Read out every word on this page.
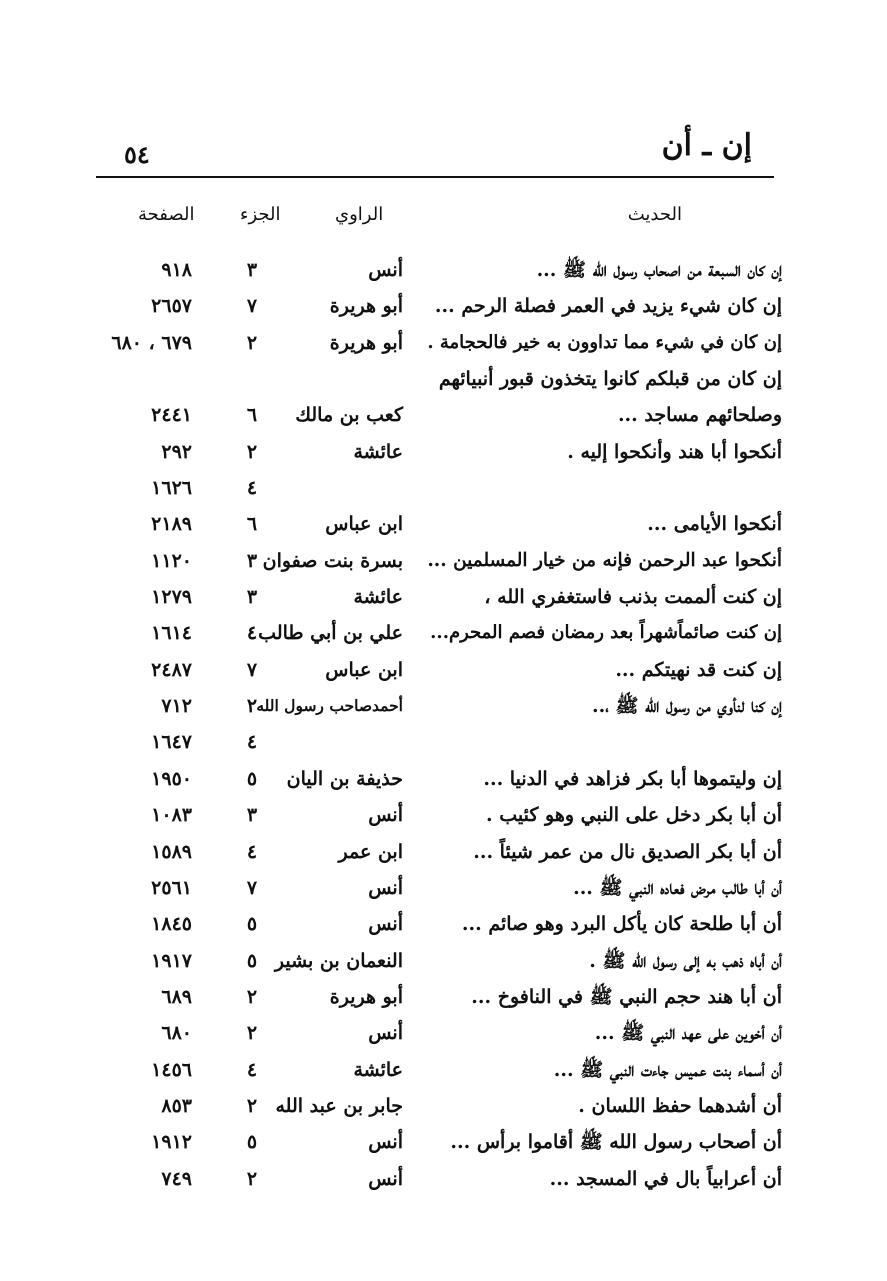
إن ـ أن
٥٤
الحديث
الراوي
الجزء
الصفحة
إن كان السبعة من اصحاب رسول الله ﷺ ...
أنس
٣
٩١٨
إن كان شيء يزيد في العمر فصلة الرحم ...
أبو هريرة
٧
٢٦٥٧
إن كان في شيء مما تداوون به خير فالحجامة .
أبو هريرة
٢
٦٧٩ ، ٦٨٠
إن كان من قبلكم كانوا يتخذون قبور أنبيائهم
وصلحائهم مساجد ...
كعب بن مالك
٦
٢٤٤١
أنكحوا أبا هند وأنكحوا إليه .
عائشة
٢
٢٩٢
٤
١٦٢٦
أنكحوا الأيامى ...
ابن عباس
٦
٢١٨٩
أنكحوا عبد الرحمن فإنه من خيار المسلمين ...
بسرة بنت صفوان
٣
١١٢٠
إن كنت ألممت بذنب فاستغفري الله ،
عائشة
٣
١٢٧٩
إن كنت صائماًشهراً بعد رمضان فصم المحرم...
علي بن أبي طالب
٤
١٦١٤
إن كنت قد نهيتكم ...
ابن عباس
٧
٢٤٨٧
إن كنا لنأوي من رسول الله ﷺ ،..
أحمدصاحب رسول الله
٢
٧١٢
٤
١٦٤٧
إن وليتموها أبا بكر فزاهد في الدنيا ...
حذيفة بن اليان
٥
١٩٥٠
أن أبا بكر دخل على النبي وهو كئيب .
أنس
٣
١٠٨٣
أن أبا بكر الصديق نال من عمر شيئاً ...
ابن عمر
٤
١٥٨٩
أن أبا طالب مرض فعاده النبي ﷺ ...
أنس
٧
٢٥٦١
أن أبا طلحة كان يأكل البرد وهو صائم ...
أنس
٥
١٨٤٥
أن أباه ذهب به إلى رسول الله ﷺ .
النعمان بن بشير
٥
١٩١٧
أن أبا هند حجم النبي ﷺ في النافوخ ...
أبو هريرة
٢
٦٨٩
أن أخوين على عهد النبي ﷺ ...
أنس
٢
٦٨٠
أن أسماء بنت عميس جاءت النبي ﷺ ...
عائشة
٤
١٤٥٦
أن أشدهما حفظ اللسان .
جابر بن عبد الله
٢
٨٥٣
أن أصحاب رسول الله ﷺ أقاموا برأس ...
أنس
٥
١٩١٢
أن أعرابياً بال في المسجد ...
أنس
٢
٧٤٩
